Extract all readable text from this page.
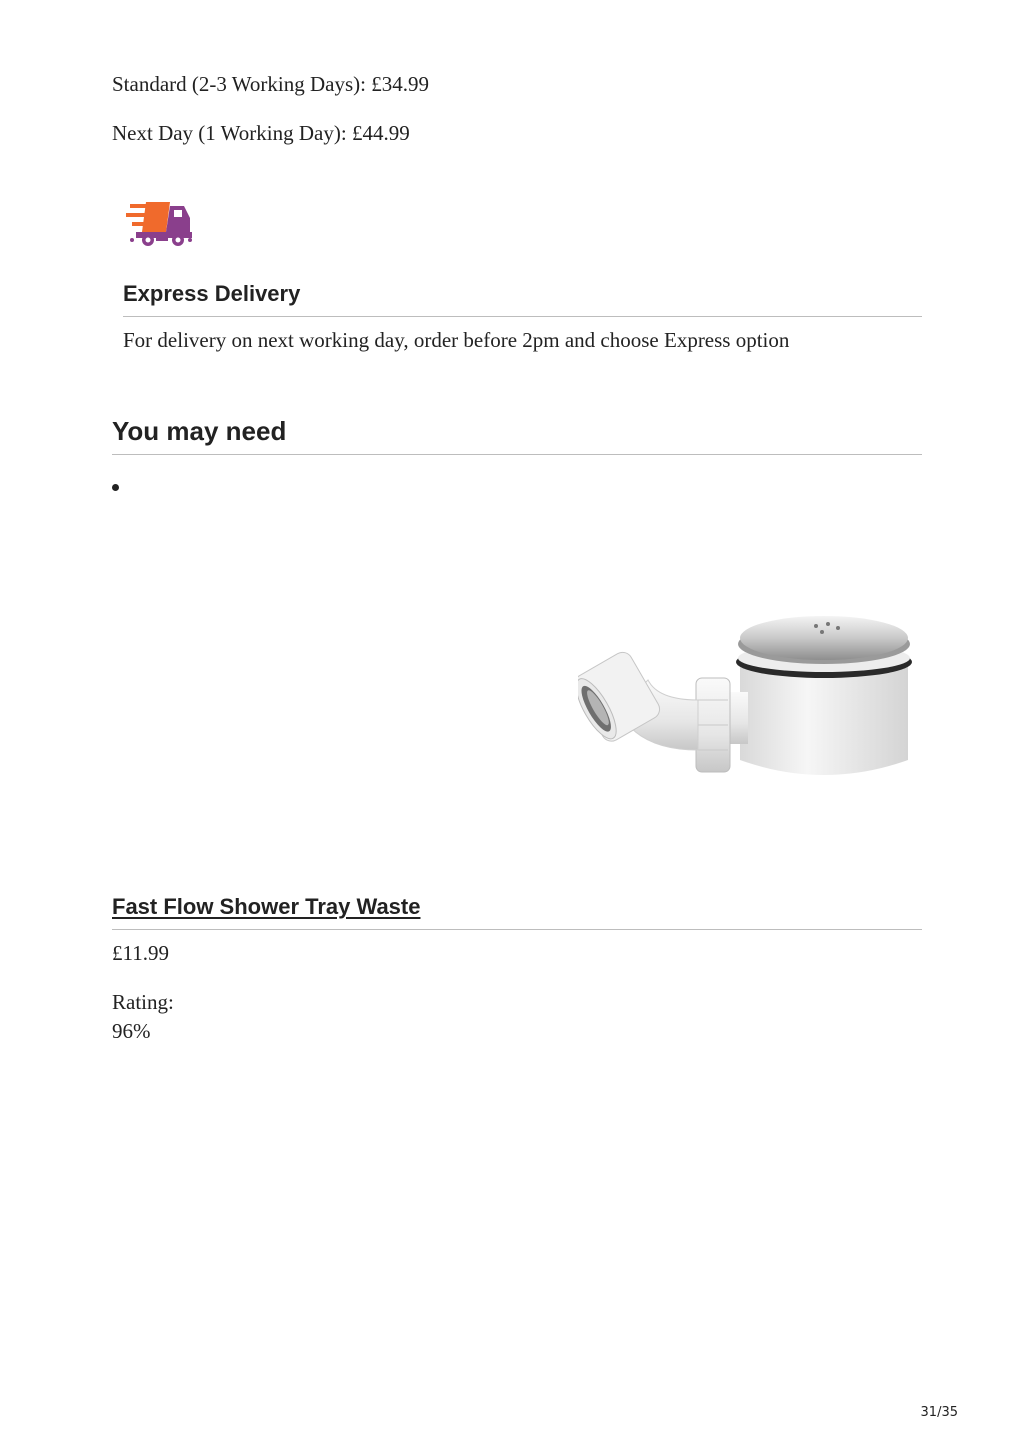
Standard (2-3 Working Days): £34.99
Next Day (1 Working Day): £44.99
Express Delivery
For delivery on next working day, order before 2pm and choose Express option
You may need
Fast Flow Shower Tray Waste
£11.99
Rating:
96%
31/35
